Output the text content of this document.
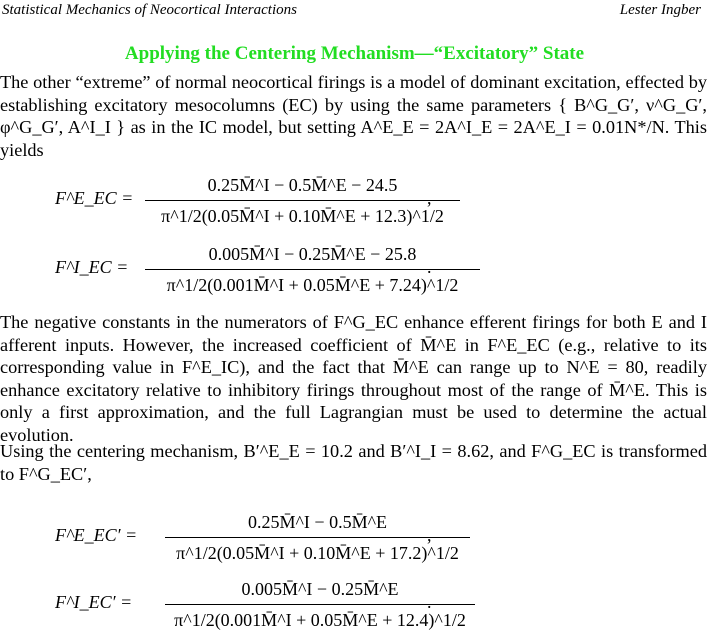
Statistical Mechanics of Neocortical Interactions	Lester Ingber
Applying the Centering Mechanism—“Excitatory” State
The other “extreme” of normal neocortical firings is a model of dominant excitation, effected by establishing excitatory mesocolumns (EC) by using the same parameters { B^G_G′, ν^G_G′, φ^G_G′, A^I_I } as in the IC model, but setting A^E_E = 2A^I_E = 2A^E_I = 0.01N*/N. This yields
F^E_EC =
0.25M̄^I − 0.5M̄^E − 24.5
π^1/2(0.05M̄^I + 0.10M̄^E + 12.3)^1/2
,
F^I_EC =
0.005M̄^I − 0.25M̄^E − 25.8
π^1/2(0.001M̄^I + 0.05M̄^E + 7.24)^1/2
.
The negative constants in the numerators of F^G_EC enhance efferent firings for both E and I afferent inputs. However, the increased coefficient of M̄^E in F^E_EC (e.g., relative to its corresponding value in F^E_IC), and the fact that M̄^E can range up to N^E = 80, readily enhance excitatory relative to inhibitory firings throughout most of the range of M̄^E. This is only a first approximation, and the full Lagrangian must be used to determine the actual evolution.
Using the centering mechanism, B′^E_E = 10.2 and B′^I_I = 8.62, and F^G_EC is transformed to F^G_EC′,
F^E_EC′ =
0.25M̄^I − 0.5M̄^E
π^1/2(0.05M̄^I + 0.10M̄^E + 17.2)^1/2
,
F^I_EC′ =
0.005M̄^I − 0.25M̄^E
π^1/2(0.001M̄^I + 0.05M̄^E + 12.4)^1/2
.
